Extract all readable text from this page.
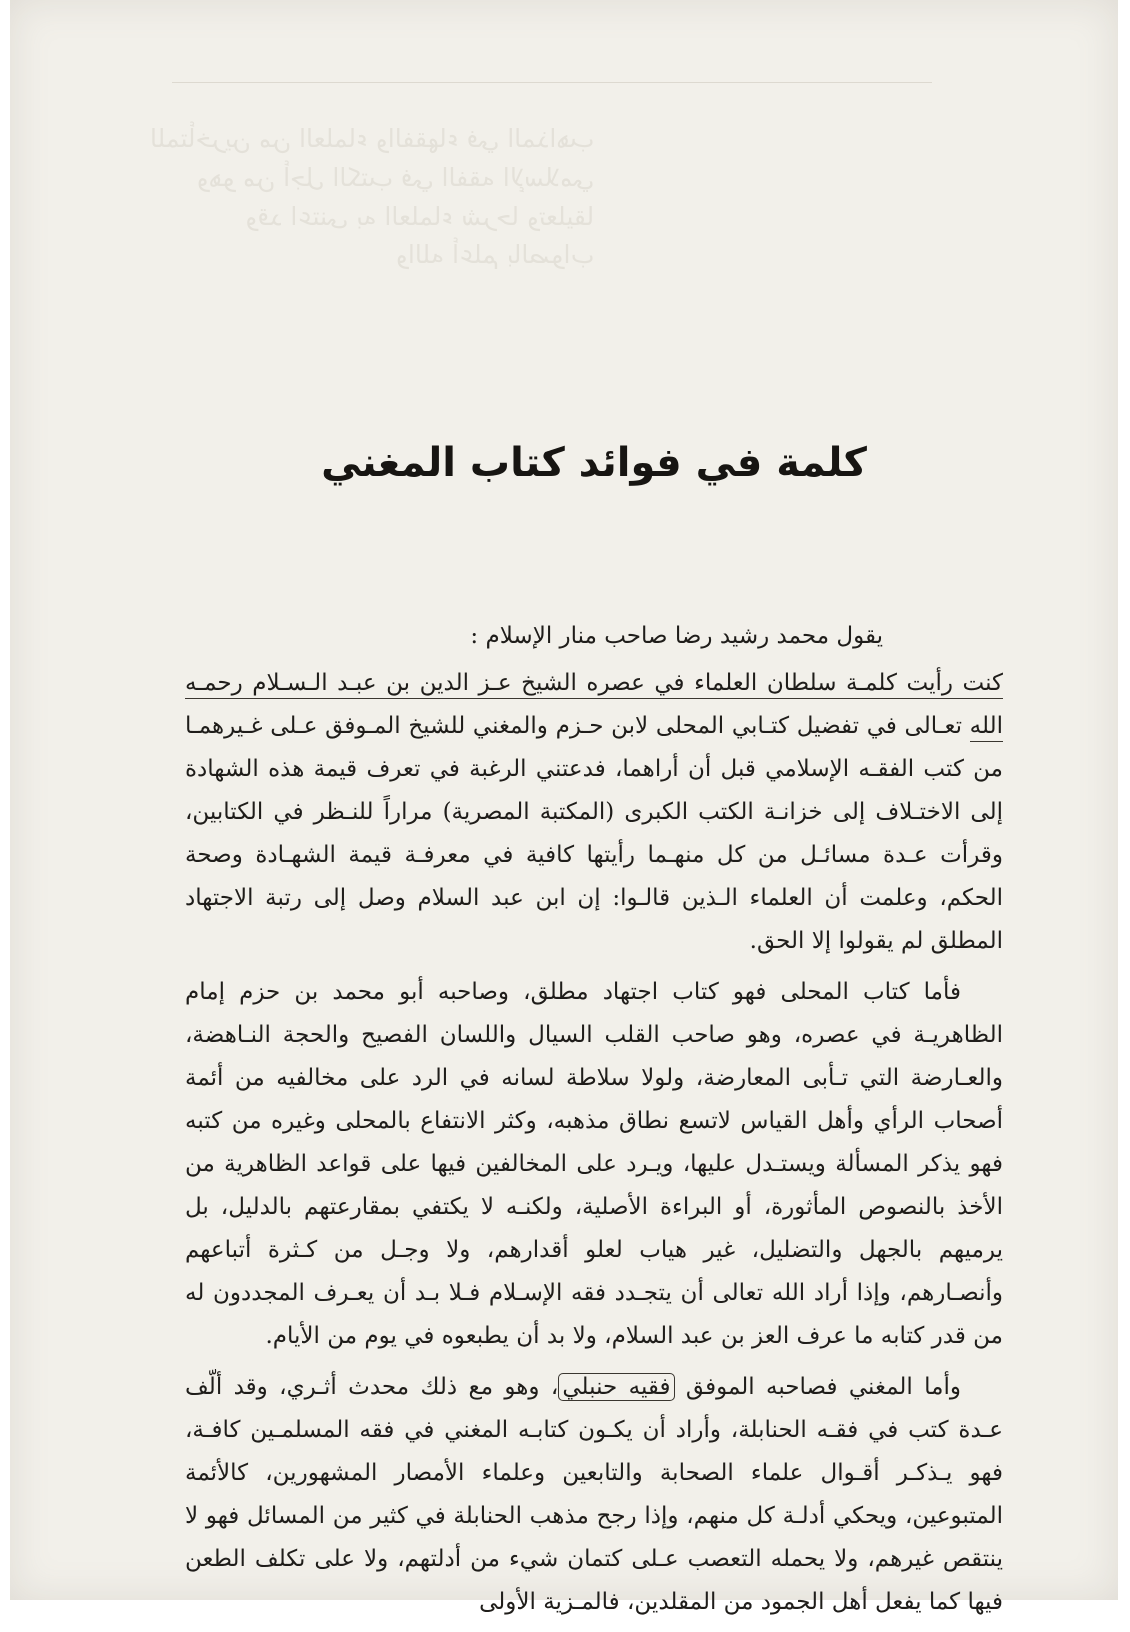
﻿ﻟﻠﻤﺘﺄﺧﺮﻳﻦ ﻣﻦ ﺍﻟﻌﻠﻤﺎﺀ ﻭﺍﻟﻔﻘﻬﺎﺀ ﻓﻲ ﺍﻟﻤﺬﺍﻫﺐ
ﻭﻫﻮ ﻣﻦ ﺃﺟﻞ ﺍﻟﻜﺘﺐ ﻓﻲ ﺍﻟﻔﻘﻪ ﺍﻹﺳﻼﻣﻲ
ﻭﻗﺪ ﺍﻋﺘﻨﻰ ﺑﻪ ﺍﻟﻌﻠﻤﺎﺀ ﺷﺮﺣﺎ ﻭﺗﻌﻠﻴﻘﺎ
ﻭﺍﻟﻠﻪ ﺃﻋﻠﻢ ﺑﺎﻟﺼﻮﺍﺏ
كلمة في فوائد كتاب المغني

يقول محمد رشيد رضا صاحب منار الإسلام :

كنت رأيت كلمـة سلطان العلماء في عصره الشيخ عـز الدين بن عبـد الـسـلام رحمـه الله تعـالى في تفضيل كتـابي المحلى لابن حـزم والمغني للشيخ المـوفق عـلى غـيرهمـا من كتب الفقـه الإسلامي قبل أن أراهما، فدعتني الرغبة في تعرف قيمة هذه الشهادة إلى الاختـلاف إلى خزانـة الكتب الكبرى (المكتبة المصرية) مراراً للنـظر في الكتابين، وقرأت عـدة مسائـل من كل منهـما رأيتها كافية في معرفـة قيمة الشهـادة وصحة الحكم، وعلمت أن العلماء الـذين قالـوا: إن ابن عبد السلام وصل إلى رتبة الاجتهاد المطلق لم يقولوا إلا الحق.

فأما كتاب المحلى فهو كتاب اجتهاد مطلق، وصاحبه أبو محمد بن حزم إمام الظاهريـة في عصره، وهو صاحب القلب السيال واللسان الفصيح والحجة النـاهضة، والعـارضة التي تـأبى المعارضة، ولولا سلاطة لسانه في الرد على مخالفيه من أئمة أصحاب الرأي وأهل القياس لاتسع نطاق مذهبه، وكثر الانتفاع بالمحلى وغيره من كتبه فهو يذكر المسألة ويستـدل عليها، ويـرد على المخالفين فيها على قواعد الظاهرية من الأخذ بالنصوص المأثورة، أو البراءة الأصلية، ولكنـه لا يكتفي بمقارعتهم بالدليل، بل يرميهم بالجهل والتضليل، غير هياب لعلو أقدارهم، ولا وجـل من كـثرة أتباعهم وأنصـارهم، وإذا أراد الله تعالى أن يتجـدد فقه الإسـلام فـلا بـد أن يعـرف المجددون له من قدر كتابه ما عرف العز بن عبد السلام، ولا بد أن يطبعوه في يوم من الأيام.

وأما المغني فصاحبه الموفق فقيه حنبلي، وهو مع ذلك محدث أثـري، وقد ألّف عـدة كتب في فقـه الحنابلة، وأراد أن يكـون كتابـه المغني في فقه المسلمـين كافـة، فهو يـذكـر أقـوال علماء الصحابة والتابعين وعلماء الأمصار المشهورين، كالأئمة المتبوعين، ويحكي أدلـة كل منهم، وإذا رجح مذهب الحنابلة في كثير من المسائل فهو لا ينتقص غيرهم، ولا يحمله التعصب عـلى كتمان شيء من أدلتهم، ولا على تكلف الطعن فيها كما يفعل أهل الجمود من المقلدين، فالمـزية الأولى
